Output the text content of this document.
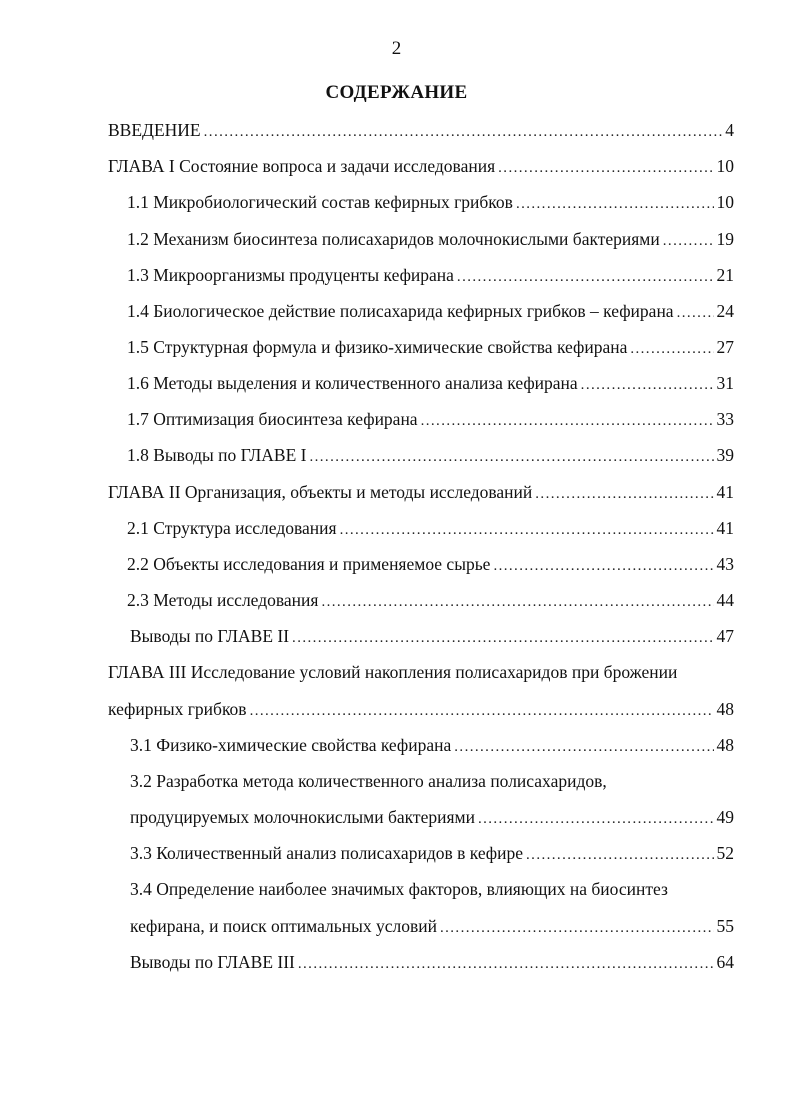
2
СОДЕРЖАНИЕ
ВВЕДЕНИЕ .....	4
ГЛАВА I Состояние вопроса и задачи исследования .....	10
1.1 Микробиологический состав кефирных грибков .....	10
1.2 Механизм биосинтеза полисахаридов молочнокислыми бактериями .....	19
1.3 Микроорганизмы продуценты кефирана .....	21
1.4 Биологическое действие полисахарида кефирных грибков – кефирана ..... 24
1.5 Структурная формула и физико-химические свойства кефирана .....	27
1.6 Методы выделения и количественного анализа кефирана .....	31
1.7 Оптимизация биосинтеза кефирана .....	33
1.8 Выводы по ГЛАВЕ I .....	39
ГЛАВА II Организация, объекты и методы исследований .....	41
2.1 Структура исследования .....	41
2.2 Объекты исследования и применяемое сырье .....	43
2.3 Методы исследования .....	44
Выводы по ГЛАВЕ II .....	47
ГЛАВА III Исследование условий накопления полисахаридов при брожении
кефирных грибков .....	48
3.1 Физико-химические свойства кефирана .....	48
3.2 Разработка метода количественного анализа полисахаридов,
продуцируемых молочнокислыми бактериями .....	49
3.3 Количественный анализ полисахаридов в кефире .....	52
3.4 Определение наиболее значимых факторов, влияющих на биосинтез
кефирана, и поиск оптимальных условий .....	55
Выводы по ГЛАВЕ III .....	64
